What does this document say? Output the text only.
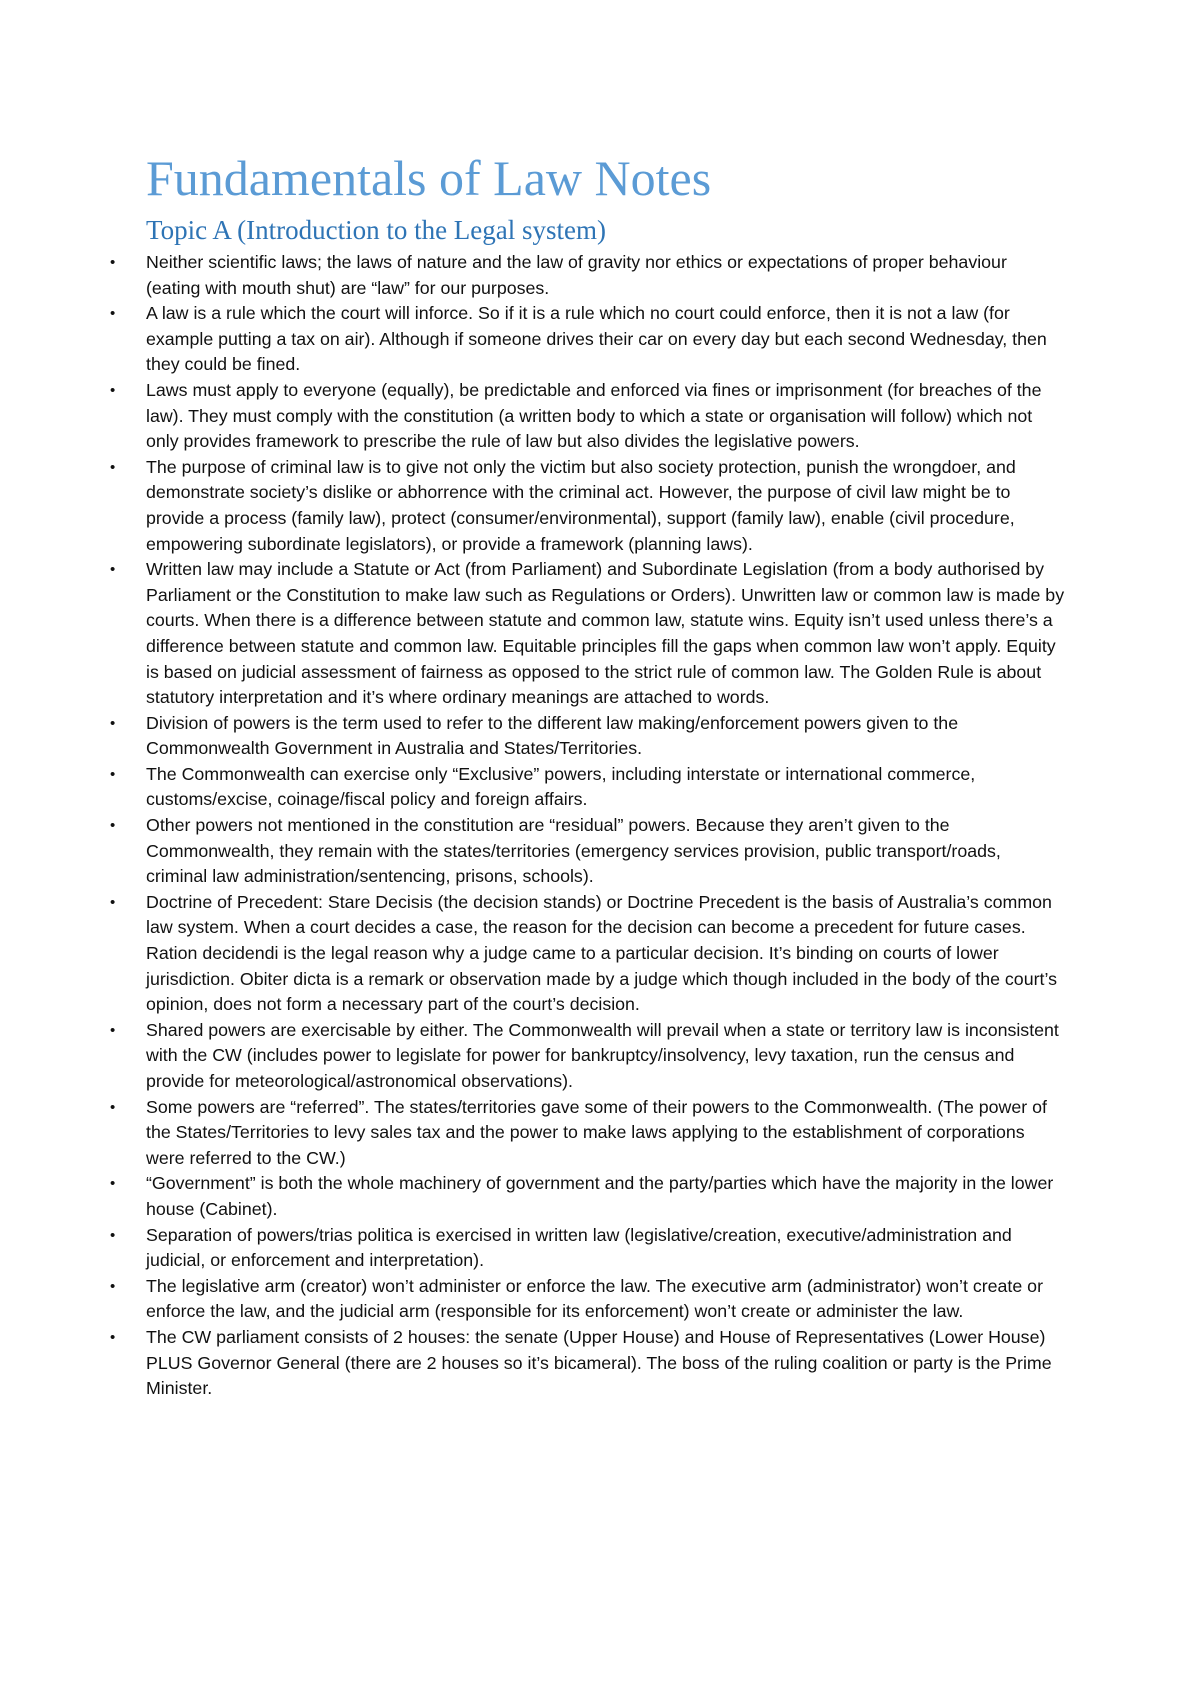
Fundamentals of Law Notes
Topic A (Introduction to the Legal system)
• Neither scientific laws; the laws of nature and the law of gravity nor ethics or expectations of proper behaviour (eating with mouth shut) are “law” for our purposes.
• A law is a rule which the court will inforce. So if it is a rule which no court could enforce, then it is not a law (for example putting a tax on air). Although if someone drives their car on every day but each second Wednesday, then they could be fined.
• Laws must apply to everyone (equally), be predictable and enforced via fines or imprisonment (for breaches of the law). They must comply with the constitution (a written body to which a state or organisation will follow) which not only provides framework to prescribe the rule of law but also divides the legislative powers.
• The purpose of criminal law is to give not only the victim but also society protection, punish the wrongdoer, and demonstrate society’s dislike or abhorrence with the criminal act. However, the purpose of civil law might be to provide a process (family law), protect (consumer/environmental), support (family law), enable (civil procedure, empowering subordinate legislators), or provide a framework (planning laws).
• Written law may include a Statute or Act (from Parliament) and Subordinate Legislation (from a body authorised by Parliament or the Constitution to make law such as Regulations or Orders). Unwritten law or common law is made by courts. When there is a difference between statute and common law, statute wins. Equity isn’t used unless there’s a difference between statute and common law. Equitable principles fill the gaps when common law won’t apply. Equity is based on judicial assessment of fairness as opposed to the strict rule of common law. The Golden Rule is about statutory interpretation and it’s where ordinary meanings are attached to words.
• Division of powers is the term used to refer to the different law making/enforcement powers given to the Commonwealth Government in Australia and States/Territories.
• The Commonwealth can exercise only “Exclusive” powers, including interstate or international commerce, customs/excise, coinage/fiscal policy and foreign affairs.
• Other powers not mentioned in the constitution are “residual” powers. Because they aren’t given to the Commonwealth, they remain with the states/territories (emergency services provision, public transport/roads, criminal law administration/sentencing, prisons, schools).
• Doctrine of Precedent: Stare Decisis (the decision stands) or Doctrine Precedent is the basis of Australia’s common law system. When a court decides a case, the reason for the decision can become a precedent for future cases. Ration decidendi is the legal reason why a judge came to a particular decision. It’s binding on courts of lower jurisdiction. Obiter dicta is a remark or observation made by a judge which though included in the body of the court’s opinion, does not form a necessary part of the court’s decision.
• Shared powers are exercisable by either. The Commonwealth will prevail when a state or territory law is inconsistent with the CW (includes power to legislate for power for bankruptcy/insolvency, levy taxation, run the census and provide for meteorological/astronomical observations).
• Some powers are “referred”. The states/territories gave some of their powers to the Commonwealth. (The power of the States/Territories to levy sales tax and the power to make laws applying to the establishment of corporations were referred to the CW.)
• “Government” is both the whole machinery of government and the party/parties which have the majority in the lower house (Cabinet).
• Separation of powers/trias politica is exercised in written law (legislative/creation, executive/administration and judicial, or enforcement and interpretation).
• The legislative arm (creator) won’t administer or enforce the law. The executive arm (administrator) won’t create or enforce the law, and the judicial arm (responsible for its enforcement) won’t create or administer the law.
• The CW parliament consists of 2 houses: the senate (Upper House) and House of Representatives (Lower House) PLUS Governor General (there are 2 houses so it’s bicameral). The boss of the ruling coalition or party is the Prime Minister.
